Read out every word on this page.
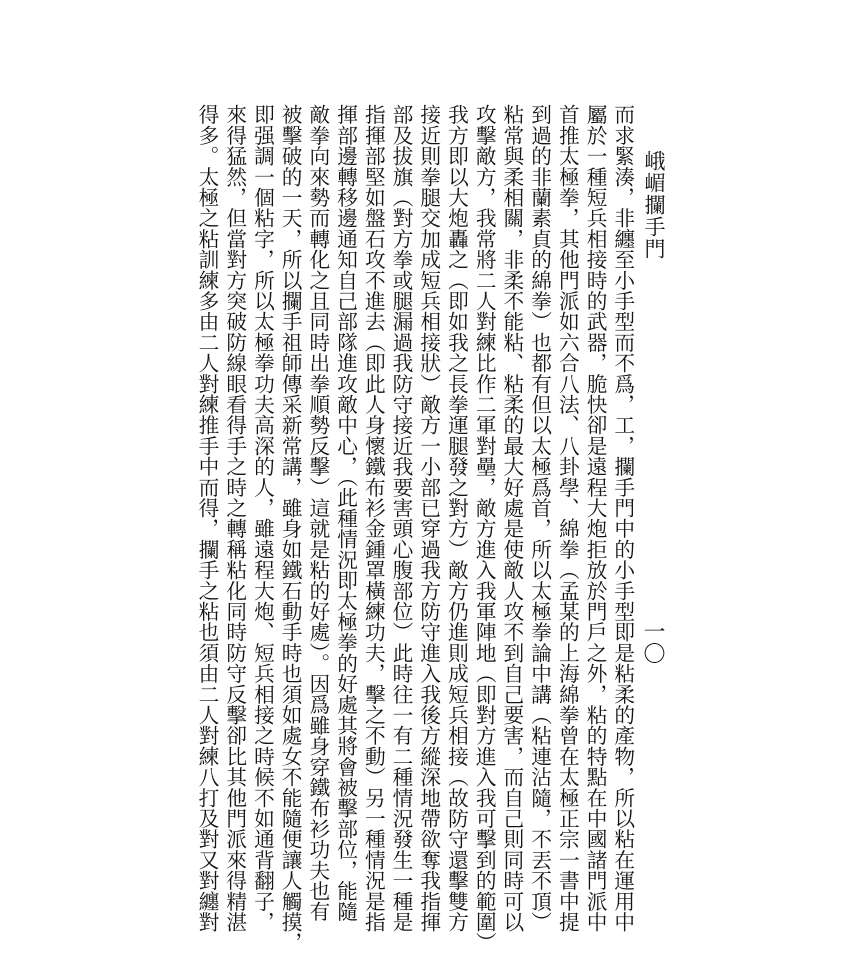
峨嵋攔手門
一〇
而求緊湊，非纏至小手型而不爲，工，攔手門中的小手型即是粘柔的產物，所以粘在運用中
屬於一種短兵相接時的武器，脆快卻是遠程大炮拒放於門戶之外，粘的特點在中國諸門派中
首推太極拳，其他門派如六合八法、八卦學、綿拳（孟某的上海綿拳曾在太極正宗一書中提
到過的非蘭素貞的綿拳）也都有但以太極爲首，所以太極拳論中講（粘連沾隨，不丟不頂）
粘常與柔相關，非柔不能粘、粘柔的最大好處是使敵人攻不到自己要害，而自己則同時可以
攻擊敵方，我常將二人對練比作二軍對壘，敵方進入我軍陣地（即對方進入我可擊到的範圍）
我方即以大炮轟之（即如我之長拳運腿發之對方）敵方仍進則成短兵相接（故防守還擊雙方
接近則拳腿交加成短兵相接狀）敵方一小部已穿過我方防守進入我後方縱深地帶欲奪我指揮
部及拔旗（對方拳或腿漏過我防守接近我要害頭心腹部位）此時往一有二種情況發生一種是
指揮部堅如盤石攻不進去（即此人身懷鐵布衫金鍾罩橫練功夫，擊之不動）另一種情況是指
揮部邊轉移邊通知自己部隊進攻敵中心，（此種情況即太極拳的好處其將會被擊部位，能隨
敵拳向來勢而轉化之且同時出拳順勢反擊）這就是粘的好處）。因爲雖身穿鐵布衫功夫也有
被擊破的一天，所以攔手祖師傳采新常講，雖身如鐵石動手時也須如處女不能隨便讓人觸摸，
即强調一個粘字，所以太極拳功夫高深的人，雖遠程大炮、短兵相接之時候不如通背翻子，
來得猛然，但當對方突破防線眼看得手之時之轉稱粘化同時防守反擊卻比其他門派來得精湛
得多。太極之粘訓練多由二人對練推手中而得，攔手之粘也須由二人對練八打及對又對纏對
